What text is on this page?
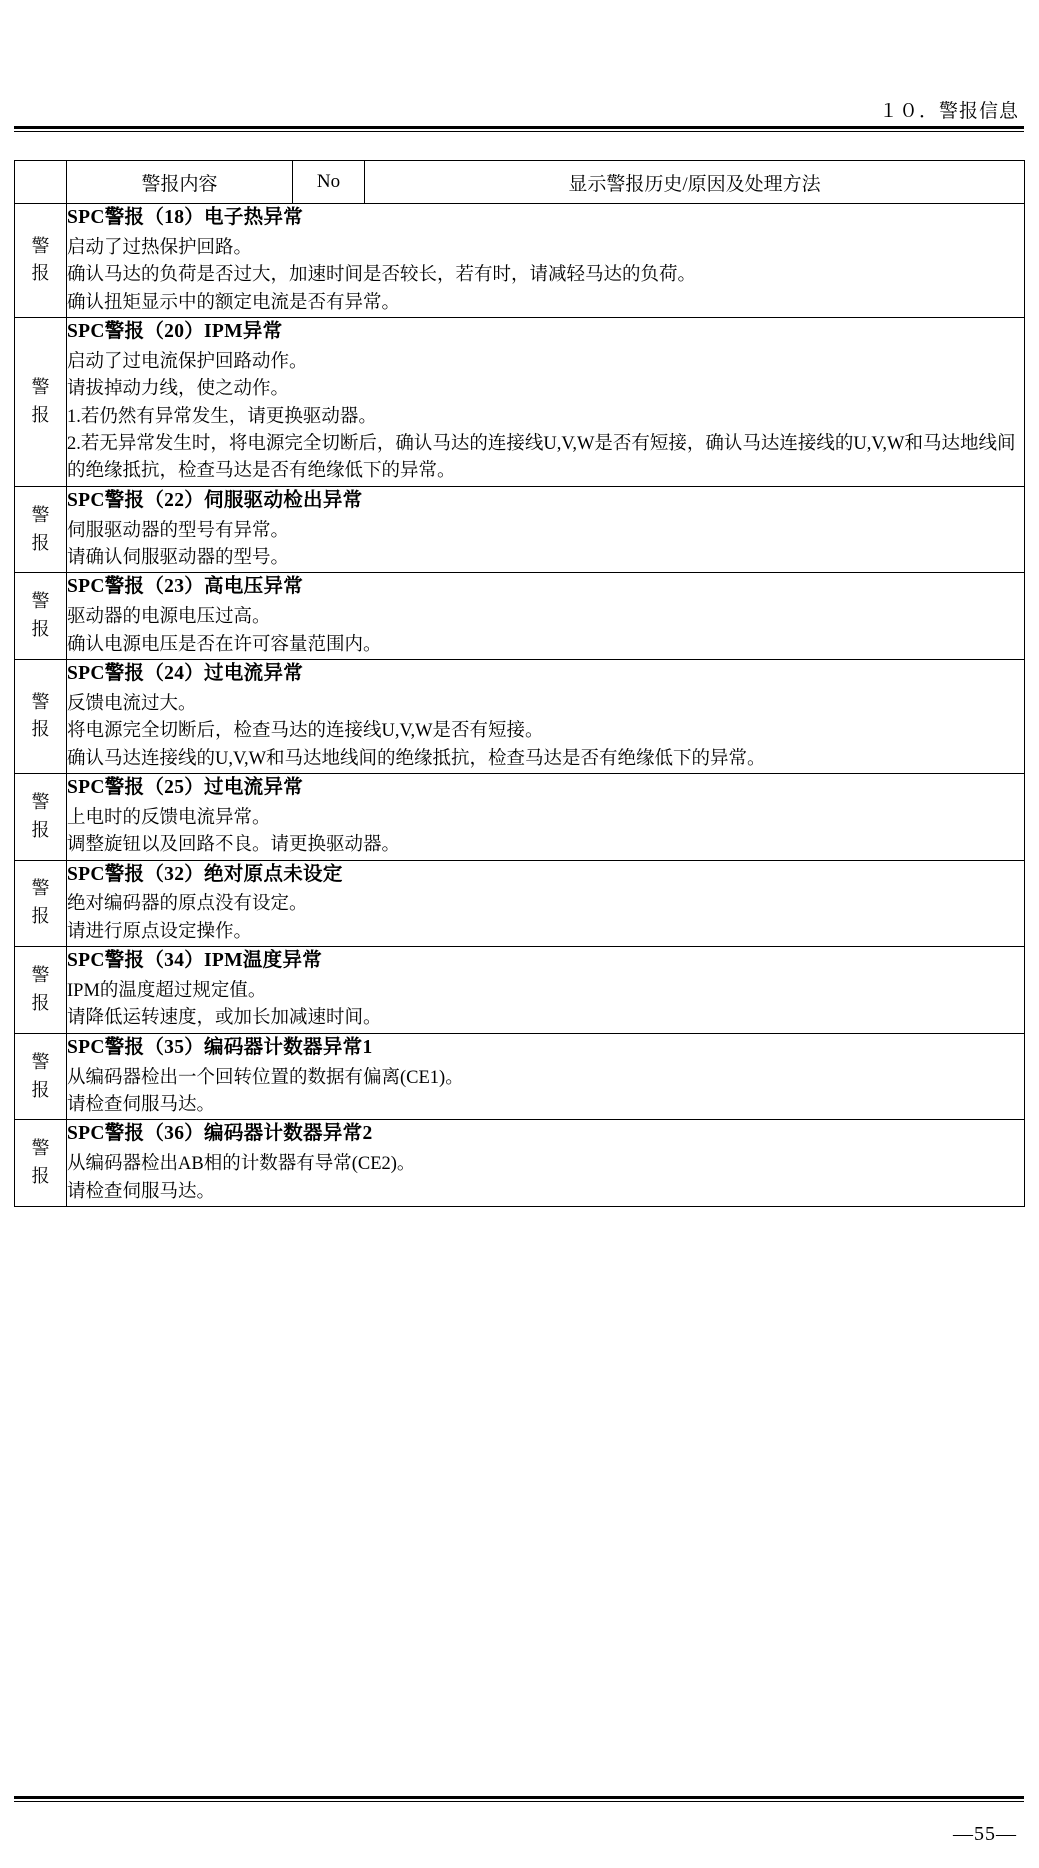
１０．警报信息
	警报内容	No	显示警报历史/原因及处理方法

警
报	SPC警报（18）电子热异常
启动了过热保护回路。
确认马达的负荷是否过大，加速时间是否较长，若有时，请减轻马达的负荷。
确认扭矩显示中的额定电流是否有异常。		

警
报	SPC警报（20）IPM异常
启动了过电流保护回路动作。
请拔掉动力线，使之动作。
1.若仍然有异常发生，请更换驱动器。
2.若无异常发生时，将电源完全切断后，确认马达的连接线U,V,W是否有短接，确认马达连接线的U,V,W和马达地线间的绝缘抵抗，检查马达是否有绝缘低下的异常。		

警
报	SPC警报（22）伺服驱动检出异常
伺服驱动器的型号有异常。
请确认伺服驱动器的型号。		

警
报	SPC警报（23）高电压异常
驱动器的电源电压过高。
确认电源电压是否在许可容量范围内。		

警
报	SPC警报（24）过电流异常
反馈电流过大。
将电源完全切断后，检查马达的连接线U,V,W是否有短接。
确认马达连接线的U,V,W和马达地线间的绝缘抵抗，检查马达是否有绝缘低下的异常。		

警
报	SPC警报（25）过电流异常
上电时的反馈电流异常。
调整旋钮以及回路不良。请更换驱动器。		

警
报	SPC警报（32）绝对原点未设定
绝对编码器的原点没有设定。
请进行原点设定操作。		

警
报	SPC警报（34）IPM温度异常
IPM的温度超过规定值。
请降低运转速度，或加长加减速时间。		

警
报	SPC警报（35）编码器计数器异常1
从编码器检出一个回转位置的数据有偏离(CE1)。
请检查伺服马达。		

警
报	SPC警报（36）编码器计数器异常2
从编码器检出AB相的计数器有导常(CE2)。
请检查伺服马达。		
—55—
